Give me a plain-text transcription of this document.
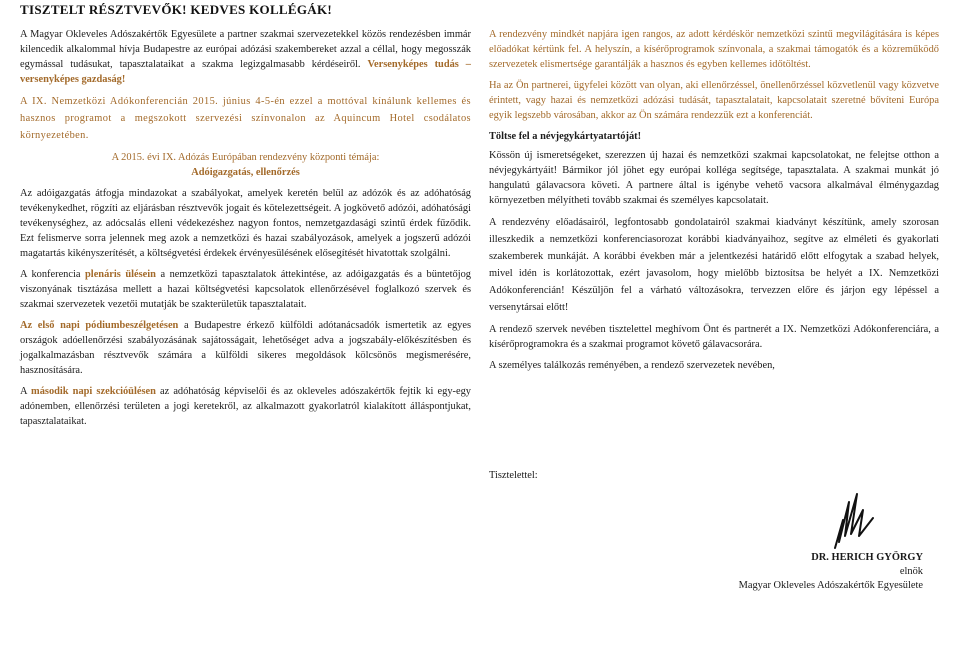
TISZTELT RÉSZTVEVŐK! KEDVES KOLLÉGÁK!

A Magyar Okleveles Adószakértők Egyesülete a partner szakmai szervezetekkel közös rendezésben immár kilencedik alkalommal hívja Budapestre az európai adózási szakembereket azzal a céllal, hogy megosszák egymással tudásukat, tapasztalataikat a szakma legizgalmasabb kérdéseiről. Versenyképes tudás – versenyképes gazdaság!

A IX. Nemzetközi Adókonferencián 2015. június 4-5-én ezzel a mottóval kínálunk kellemes és hasznos programot a megszokott szervezési színvonalon az Aquincum Hotel csodálatos környezetében.

A 2015. évi IX. Adózás Európában rendezvény központi témája:

Adóigazgatás, ellenőrzés

Az adóigazgatás átfogja mindazokat a szabályokat, amelyek keretén belül az adózók és az adóhatóság tevékenykedhet, rögzíti az eljárásban résztvevők jogait és kötelezettségeit. A jogkövető adózói, adóhatósági tevékenységhez, az adócsalás elleni védekezéshez nagyon fontos, nemzetgazdasági szintű érdek fűződik. Ezt felismerve sorra jelennek meg azok a nemzetközi és hazai szabályozások, amelyek a jogszerű adózói magatartás kikényszerítését, a költségvetési érdekek érvényesülésének elősegítését hivatottak szolgálni.

A konferencia plenáris ülésein a nemzetközi tapasztalatok áttekintése, az adóigazgatás és a büntetőjog viszonyának tisztázása mellett a hazai költségvetési kapcsolatok ellenőrzésével foglalkozó szervek és szakmai szervezetek vezetői mutatják be szakterületük tapasztalatait.

Az első napi pódiumbeszélgetésen a Budapestre érkező külföldi adótanácsadók ismertetik az egyes országok adóellenőrzési szabályozásának sajátosságait, lehetőséget adva a jogszabály-előkészítésben és jogalkalmazásban résztvevők számára a külföldi sikeres megoldások kölcsönös megismerésére, hasznosítására.

A második napi szekcióülésen az adóhatóság képviselői és az okleveles adószakértők fejtik ki egy-egy adónemben, ellenőrzési területen a jogi keretekről, az alkalmazott gyakorlatról kialakított álláspontjukat, tapasztalataikat.

A rendezvény mindkét napjára igen rangos, az adott kérdéskör nemzetközi szintű megvilágítására is képes előadókat kértünk fel. A helyszín, a kísérőprogramok színvonala, a szakmai támogatók és a közreműködő szervezetek elismertsége garantálják a hasznos és egyben kellemes időtöltést.

Ha az Ön partnerei, ügyfelei között van olyan, aki ellenőrzéssel, önellenőrzéssel közvetlenül vagy közvetve érintett, vagy hazai és nemzetközi adózási tudását, tapasztalatait, kapcsolatait szeretné bővíteni Európa egyik legszebb városában, akkor az Ön számára rendezzük ezt a konferenciát.

Töltse fel a névjegykártyatartóját!

Kössön új ismeretségeket, szerezzen új hazai és nemzetközi szakmai kapcsolatokat, ne felejtse otthon a névjegykártyáit! Bármikor jól jöhet egy európai kolléga segítsége, tapasztalata. A szakmai munkát jó hangulatú gálavacsora követi. A partnere által is igénybe vehető vacsora alkalmával élménygazdag környezetben mélyítheti tovább szakmai és személyes kapcsolatait.

A rendezvény előadásairól, legfontosabb gondolatairól szakmai kiadványt készítünk, amely szorosan illeszkedik a nemzetközi konferenciasorozat korábbi kiadványaihoz, segítve az elméleti és gyakorlati szakemberek munkáját. A korábbi években már a jelentkezési határidő előtt elfogytak a szabad helyek, mivel idén is korlátozottak, ezért javasolom, hogy mielőbb biztosítsa be helyét a IX. Nemzetközi Adókonferencián! Készüljön fel a várható változásokra, tervezzen előre és járjon egy lépéssel a versenytársai előtt!

A rendező szervek nevében tisztelettel meghívom Önt és partnerét a IX. Nemzetközi Adókonferenciára, a kísérőprogramokra és a szakmai programot követő gálavacsorára.

A személyes találkozás reményében, a rendező szervezetek nevében,

Tisztelettel:

DR. HERICH GYÖRGY
elnök
Magyar Okleveles Adószakértők Egyesülete
